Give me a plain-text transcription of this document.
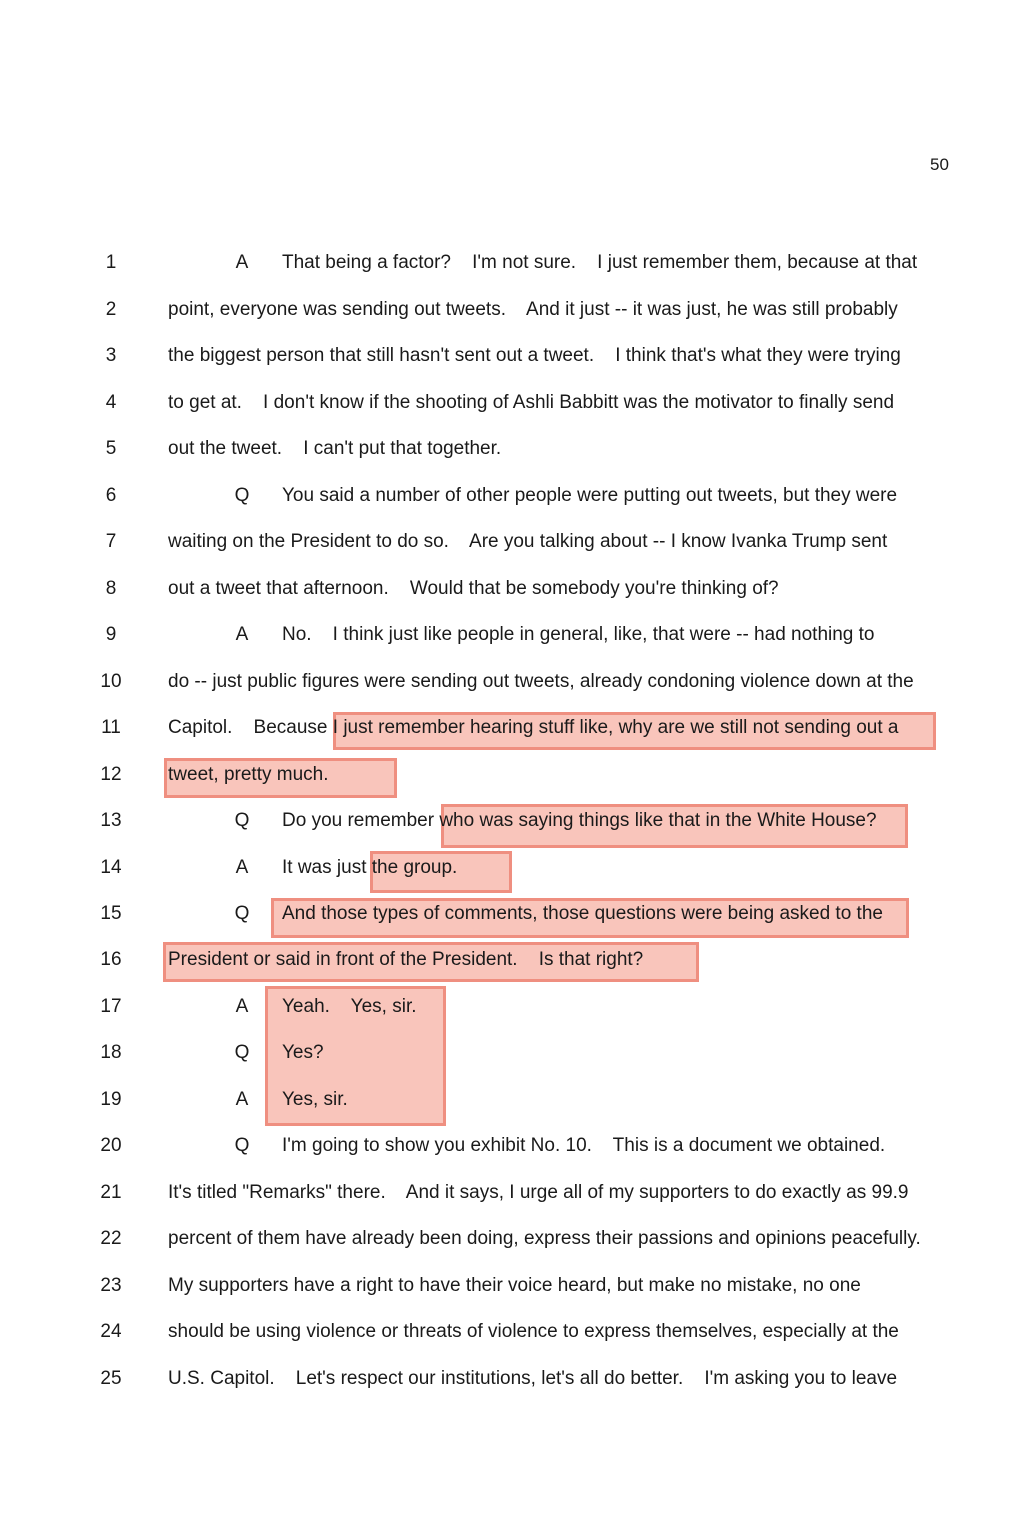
50
1	A That being a factor?    I'm not sure.    I just remember them, because at that
2	point, everyone was sending out tweets.    And it just -- it was just, he was still probably
3	the biggest person that still hasn't sent out a tweet.    I think that's what they were trying
4	to get at.    I don't know if the shooting of Ashli Babbitt was the motivator to finally send
5	out the tweet.    I can't put that together.
6	Q You said a number of other people were putting out tweets, but they were
7	waiting on the President to do so.    Are you talking about -- I know Ivanka Trump sent
8	out a tweet that afternoon.    Would that be somebody you're thinking of?
9	A No.    I think just like people in general, like, that were -- had nothing to
10	do -- just public figures were sending out tweets, already condoning violence down at the
11	Capitol.    Because I just remember hearing stuff like, why are we still not sending out a
12	tweet, pretty much.
13	Q Do you remember who was saying things like that in the White House?
14	A It was just the group.
15	Q And those types of comments, those questions were being asked to the
16	President or said in front of the President.    Is that right?
17	A Yeah.    Yes, sir.
18	Q Yes?
19	A Yes, sir.
20	Q I'm going to show you exhibit No. 10.    This is a document we obtained.
21	It's titled "Remarks" there.    And it says, I urge all of my supporters to do exactly as 99.9
22	percent of them have already been doing, express their passions and opinions peacefully.
23	My supporters have a right to have their voice heard, but make no mistake, no one
24	should be using violence or threats of violence to express themselves, especially at the
25	U.S. Capitol.    Let's respect our institutions, let's all do better.    I'm asking you to leave
